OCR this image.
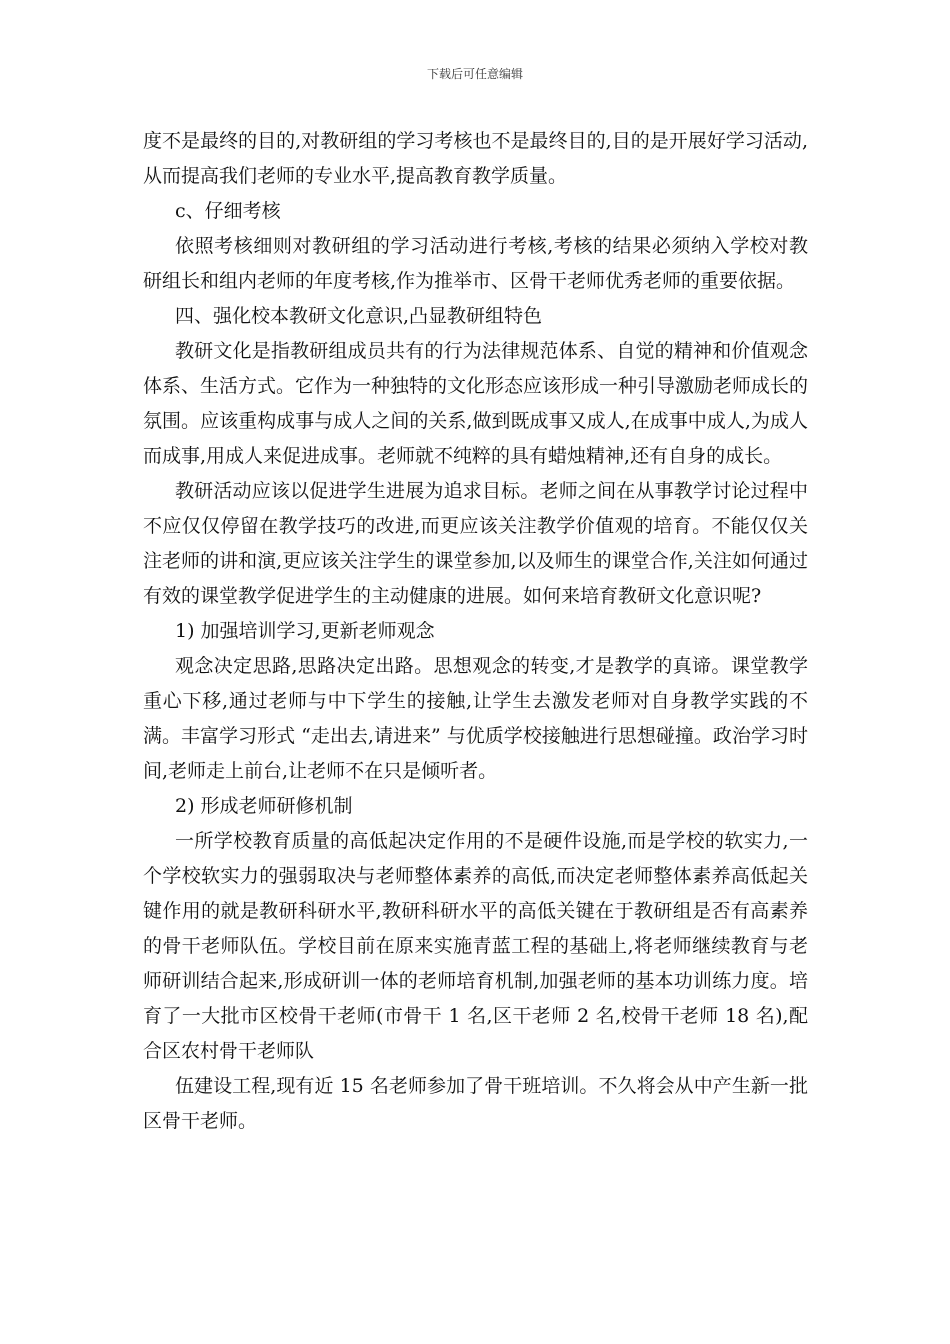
下载后可任意编辑

度不是最终的目的,对教研组的学习考核也不是最终目的,目的是开展好学习活动,从而提高我们老师的专业水平,提高教育教学质量。

c、仔细考核

依照考核细则对教研组的学习活动进行考核,考核的结果必须纳入学校对教研组长和组内老师的年度考核,作为推举市、区骨干老师优秀老师的重要依据。

四、强化校本教研文化意识,凸显教研组特色

教研文化是指教研组成员共有的行为法律规范体系、自觉的精神和价值观念体系、生活方式。它作为一种独特的文化形态应该形成一种引导激励老师成长的氛围。应该重构成事与成人之间的关系,做到既成事又成人,在成事中成人,为成人而成事,用成人来促进成事。老师就不纯粹的具有蜡烛精神,还有自身的成长。

教研活动应该以促进学生进展为追求目标。老师之间在从事教学讨论过程中不应仅仅停留在教学技巧的改进,而更应该关注教学价值观的培育。不能仅仅关注老师的讲和演,更应该关注学生的课堂参加,以及师生的课堂合作,关注如何通过有效的课堂教学促进学生的主动健康的进展。如何来培育教研文化意识呢?

1) 加强培训学习,更新老师观念

观念决定思路,思路决定出路。思想观念的转变,才是教学的真谛。课堂教学重心下移,通过老师与中下学生的接触,让学生去激发老师对自身教学实践的不满。丰富学习形式 “走出去,请进来” 与优质学校接触进行思想碰撞。政治学习时间,老师走上前台,让老师不在只是倾听者。

2) 形成老师研修机制

一所学校教育质量的高低起决定作用的不是硬件设施,而是学校的软实力,一个学校软实力的强弱取决与老师整体素养的高低,而决定老师整体素养高低起关键作用的就是教研科研水平,教研科研水平的高低关键在于教研组是否有高素养的骨干老师队伍。学校目前在原来实施青蓝工程的基础上,将老师继续教育与老师研训结合起来,形成研训一体的老师培育机制,加强老师的基本功训练力度。培育了一大批市区校骨干老师(市骨干 1 名,区干老师 2 名,校骨干老师 18 名),配合区农村骨干老师队

伍建设工程,现有近 15 名老师参加了骨干班培训。不久将会从中产生新一批区骨干老师。
